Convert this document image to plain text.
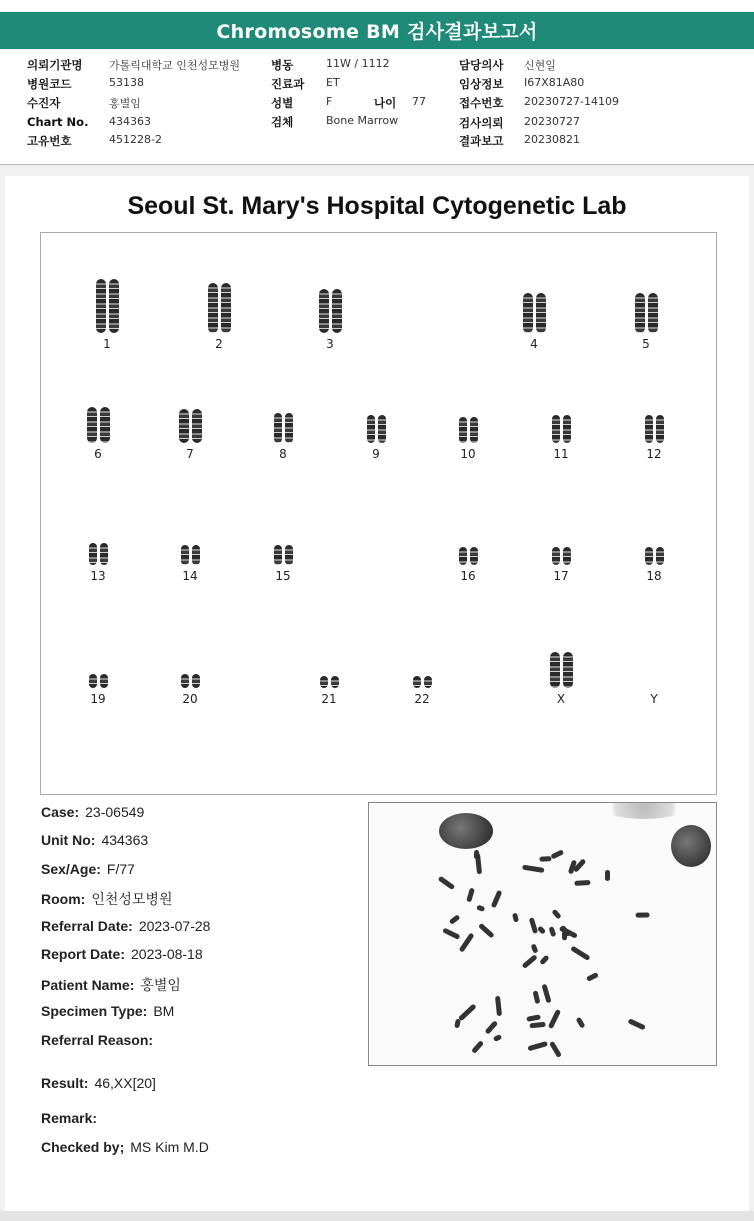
Chromosome BM 검사결과보고서
의뢰기관명 가톨릭대학교 인천성모병원
병원코드	53138
수진자	홍별임
Chart No. 434363
고유번호	451228-2
병동	11W / 1112
진료과 ET
성별	F	나이 77
검체	Bone Marrow
담당의사 신현일
임상정보 I67X81A80
접수번호 20230727-14109
검사의뢰 20230727
결과보고 20230821
Seoul St. Mary's Hospital Cytogenetic Lab
1	2	3	4	5
6	7	8	9	10	11	12
13	14	15	16	17	18
19	20	21	22	X	Y
Case: 23-06549
Unit No: 434363
Sex/Age: F/77
Room: 인천성모병원
Referral Date: 2023-07-28
Report Date: 2023-08-18
Patient Name: 홍별임
Specimen Type: BM
Referral Reason:
Result: 46,XX[20]
Remark:
Checked by; MS Kim M.D
